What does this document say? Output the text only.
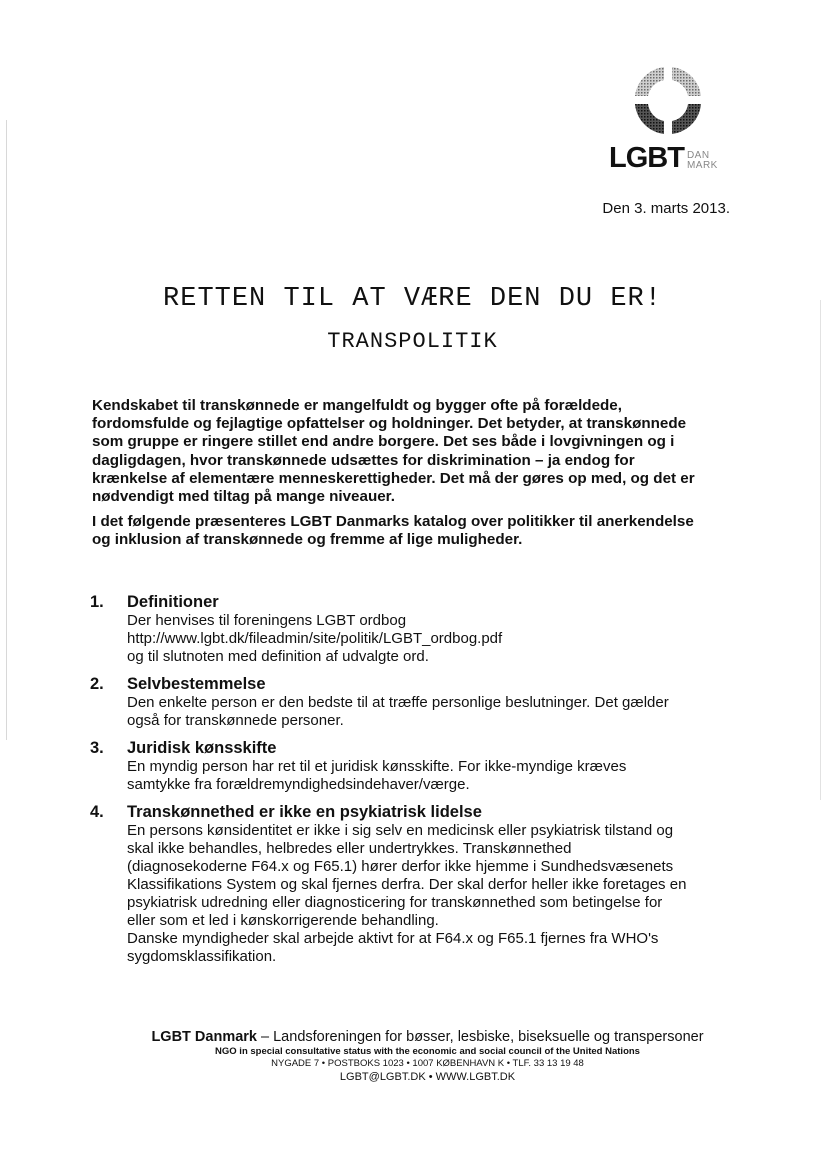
LGBT DAN
MARK
Den 3. marts 2013.
RETTEN TIL AT VÆRE DEN DU ER!
TRANSPOLITIK

Kendskabet til transkønnede er mangelfuldt og bygger ofte på forældede,
fordomsfulde og fejlagtige opfattelser og holdninger. Det betyder, at transkønnede
som gruppe er ringere stillet end andre borgere. Det ses både i lovgivningen og i
dagligdagen, hvor transkønnede udsættes for diskrimination – ja endog for
krænkelse af elementære menneskerettigheder. Det må der gøres op med, og det er
nødvendigt med tiltag på mange niveauer.

I det følgende præsenteres LGBT Danmarks katalog over politikker til anerkendelse
og inklusion af transkønnede og fremme af lige muligheder.

1.	Definitioner
Der henvises til foreningens LGBT ordbog
http://www.lgbt.dk/fileadmin/site/politik/LGBT_ordbog.pdf
og til slutnoten med definition af udvalgte ord.
2.	Selvbestemmelse
Den enkelte person er den bedste til at træffe personlige beslutninger. Det gælder
også for transkønnede personer.
3.	Juridisk kønsskifte
En myndig person har ret til et juridisk kønsskifte. For ikke-myndige kræves
samtykke fra forældremyndighedsindehaver/værge.
4.	Transkønnethed er ikke en psykiatrisk lidelse
En persons kønsidentitet er ikke i sig selv en medicinsk eller psykiatrisk tilstand og
skal ikke behandles, helbredes eller undertrykkes. Transkønnethed
(diagnosekoderne F64.x og F65.1) hører derfor ikke hjemme i Sundhedsvæsenets
Klassifikations System og skal fjernes derfra. Der skal derfor heller ikke foretages en
psykiatrisk udredning eller diagnosticering for transkønnethed som betingelse for
eller som et led i kønskorrigerende behandling.
Danske myndigheder skal arbejde aktivt for at F64.x og F65.1 fjernes fra WHO's
sygdomsklassifikation.
LGBT Danmark – Landsforeningen for bøsser, lesbiske, biseksuelle og transpersoner
NGO in special consultative status with the economic and social council of the United Nations
NYGADE 7 • POSTBOKS 1023 • 1007 KØBENHAVN K • TLF. 33 13 19 48
LGBT@LGBT.DK • WWW.LGBT.DK
